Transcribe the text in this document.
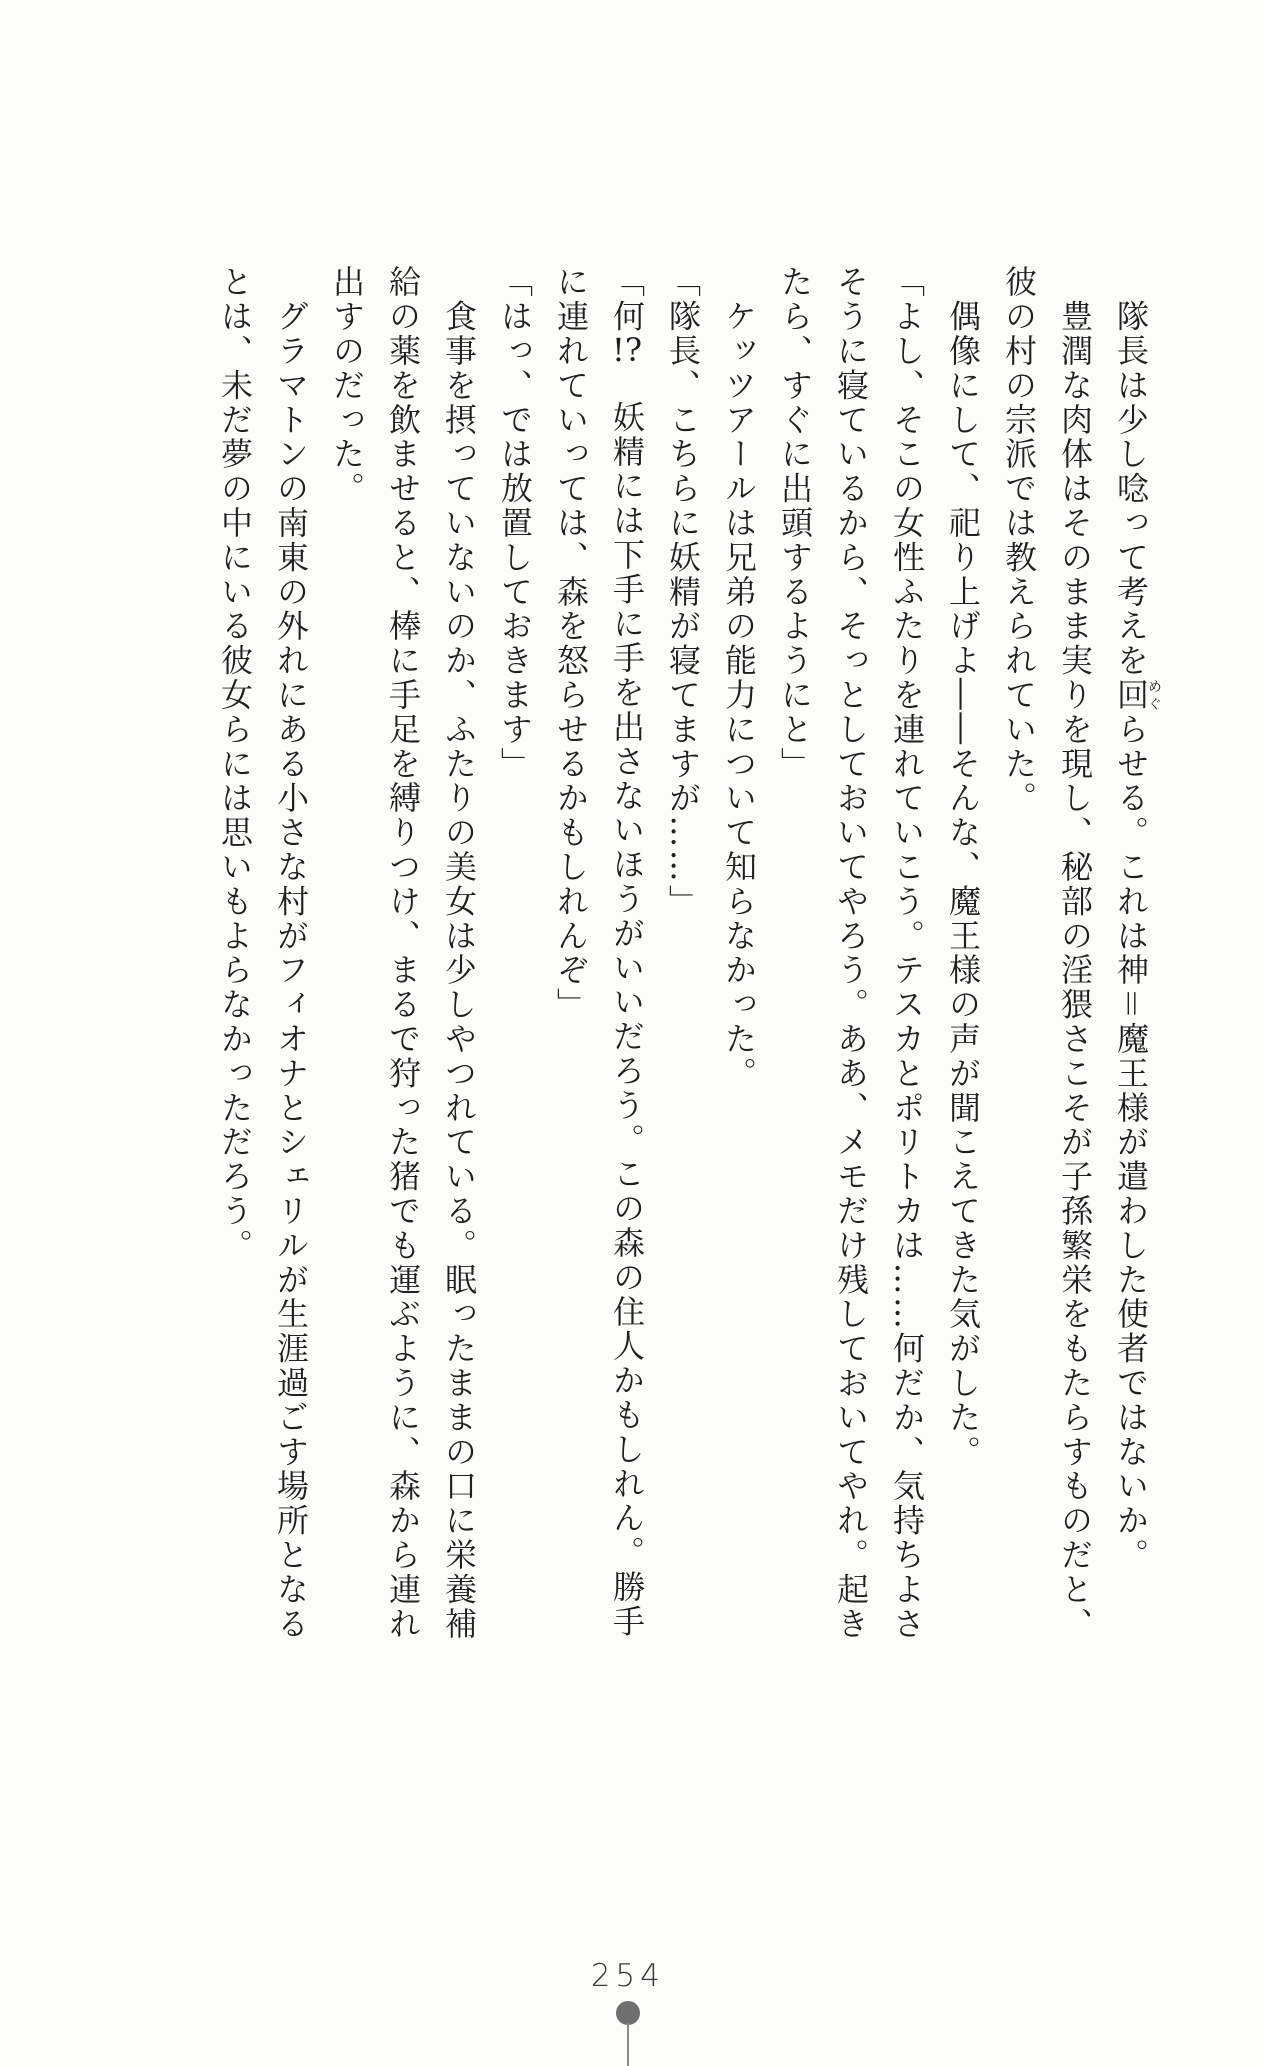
　隊長は少し唸って考えを回めぐらせる。これは神＝魔王様が遣わした使者ではないか。
　豊潤な肉体はそのまま実りを現し、秘部の淫猥さこそが子孫繁栄をもたらすものだと、
彼の村の宗派では教えられていた。
　偶像にして、祀り上げよ――そんな、魔王様の声が聞こえてきた気がした。
「よし、そこの女性ふたりを連れていこう。テスカとポリトカは……何だか、気持ちよさ
そうに寝ているから、そっとしておいてやろう。ああ、メモだけ残しておいてやれ。起き
たら、すぐに出頭するようにと」
　ケッツアールは兄弟の能力について知らなかった。
「隊長、こちらに妖精が寝てますが……」
「何!?　妖精には下手に手を出さないほうがいいだろう。この森の住人かもしれん。勝手
に連れていっては、森を怒らせるかもしれんぞ」
「はっ、では放置しておきます」
　食事を摂っていないのか、ふたりの美女は少しやつれている。眠ったままの口に栄養補
給の薬を飲ませると、棒に手足を縛りつけ、まるで狩った猪でも運ぶように、森から連れ
出すのだった。
　グラマトンの南東の外れにある小さな村がフィオナとシェリルが生涯過ごす場所となる
とは、未だ夢の中にいる彼女らには思いもよらなかっただろう。
254
